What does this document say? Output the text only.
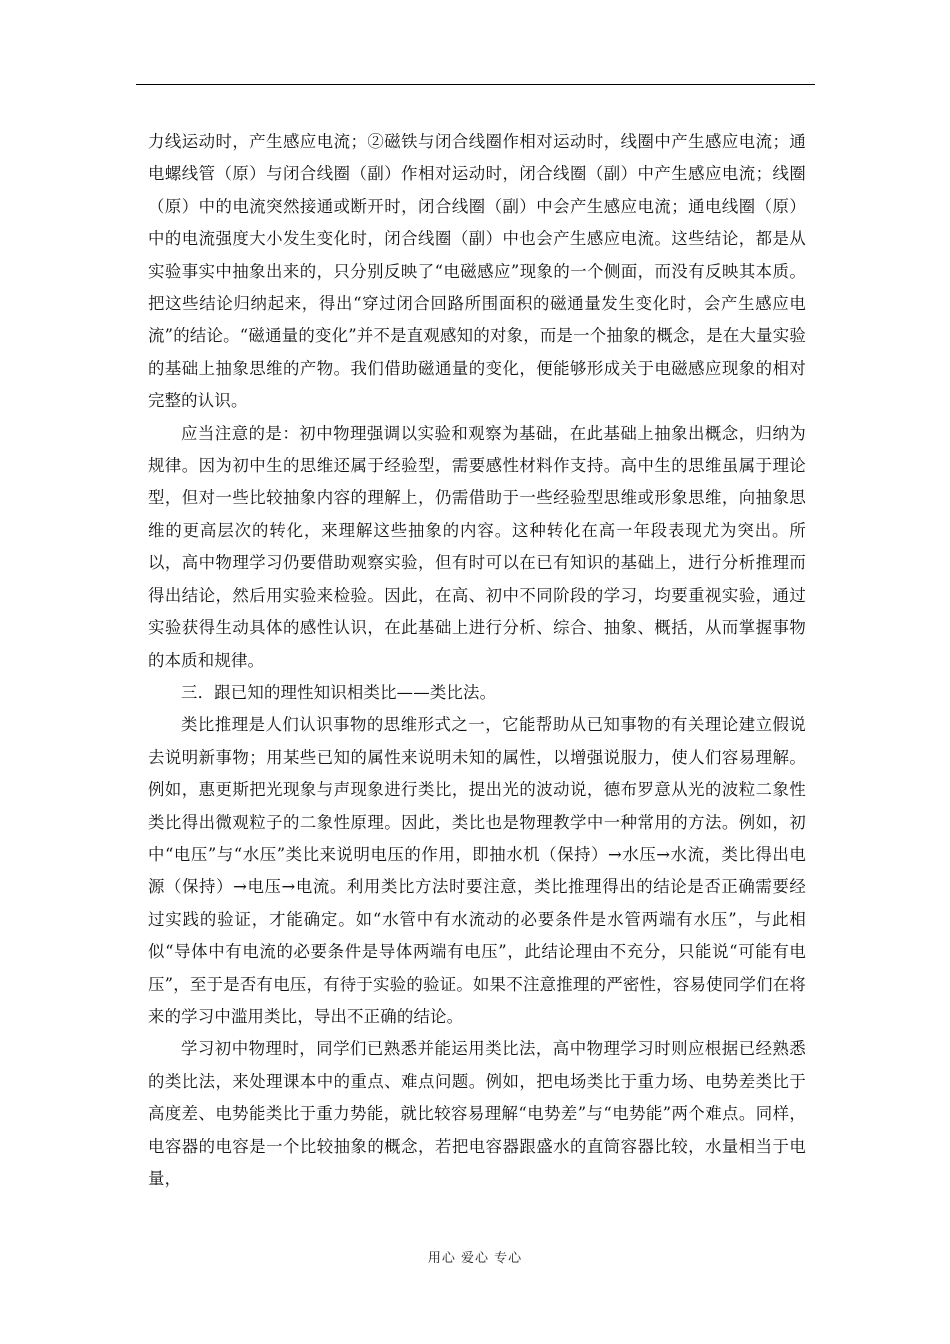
力线运动时，产生感应电流；②磁铁与闭合线圈作相对运动时，线圈中产生感应电流；通电螺线管（原）与闭合线圈（副）作相对运动时，闭合线圈（副）中产生感应电流；线圈（原）中的电流突然接通或断开时，闭合线圈（副）中会产生感应电流；通电线圈（原）中的电流强度大小发生变化时，闭合线圈（副）中也会产生感应电流。这些结论，都是从实验事实中抽象出来的，只分别反映了“电磁感应”现象的一个侧面，而没有反映其本质。把这些结论归纳起来，得出“穿过闭合回路所围面积的磁通量发生变化时，会产生感应电流”的结论。“磁通量的变化”并不是直观感知的对象，而是一个抽象的概念，是在大量实验的基础上抽象思维的产物。我们借助磁通量的变化，便能够形成关于电磁感应现象的相对完整的认识。

应当注意的是：初中物理强调以实验和观察为基础，在此基础上抽象出概念，归纳为规律。因为初中生的思维还属于经验型，需要感性材料作支持。高中生的思维虽属于理论型，但对一些比较抽象内容的理解上，仍需借助于一些经验型思维或形象思维，向抽象思维的更高层次的转化，来理解这些抽象的内容。这种转化在高一年段表现尤为突出。所以，高中物理学习仍要借助观察实验，但有时可以在已有知识的基础上，进行分析推理而得出结论，然后用实验来检验。因此，在高、初中不同阶段的学习，均要重视实验，通过实验获得生动具体的感性认识，在此基础上进行分析、综合、抽象、概括，从而掌握事物的本质和规律。

三．跟已知的理性知识相类比——类比法。

类比推理是人们认识事物的思维形式之一，它能帮助从已知事物的有关理论建立假说去说明新事物；用某些已知的属性来说明未知的属性，以增强说服力，使人们容易理解。例如，惠更斯把光现象与声现象进行类比，提出光的波动说，德布罗意从光的波粒二象性类比得出微观粒子的二象性原理。因此，类比也是物理教学中一种常用的方法。例如，初中“电压”与“水压”类比来说明电压的作用，即抽水机（保持）→水压→水流，类比得出电源（保持）→电压→电流。利用类比方法时要注意，类比推理得出的结论是否正确需要经过实践的验证，才能确定。如“水管中有水流动的必要条件是水管两端有水压”，与此相似“导体中有电流的必要条件是导体两端有电压”，此结论理由不充分，只能说“可能有电压”，至于是否有电压，有待于实验的验证。如果不注意推理的严密性，容易使同学们在将来的学习中滥用类比，导出不正确的结论。

学习初中物理时，同学们已熟悉并能运用类比法，高中物理学习时则应根据已经熟悉的类比法，来处理课本中的重点、难点问题。例如，把电场类比于重力场、电势差类比于高度差、电势能类比于重力势能，就比较容易理解“电势差”与“电势能”两个难点。同样，电容器的电容是一个比较抽象的概念，若把电容器跟盛水的直筒容器比较，水量相当于电量，

用心 爱心 专心
